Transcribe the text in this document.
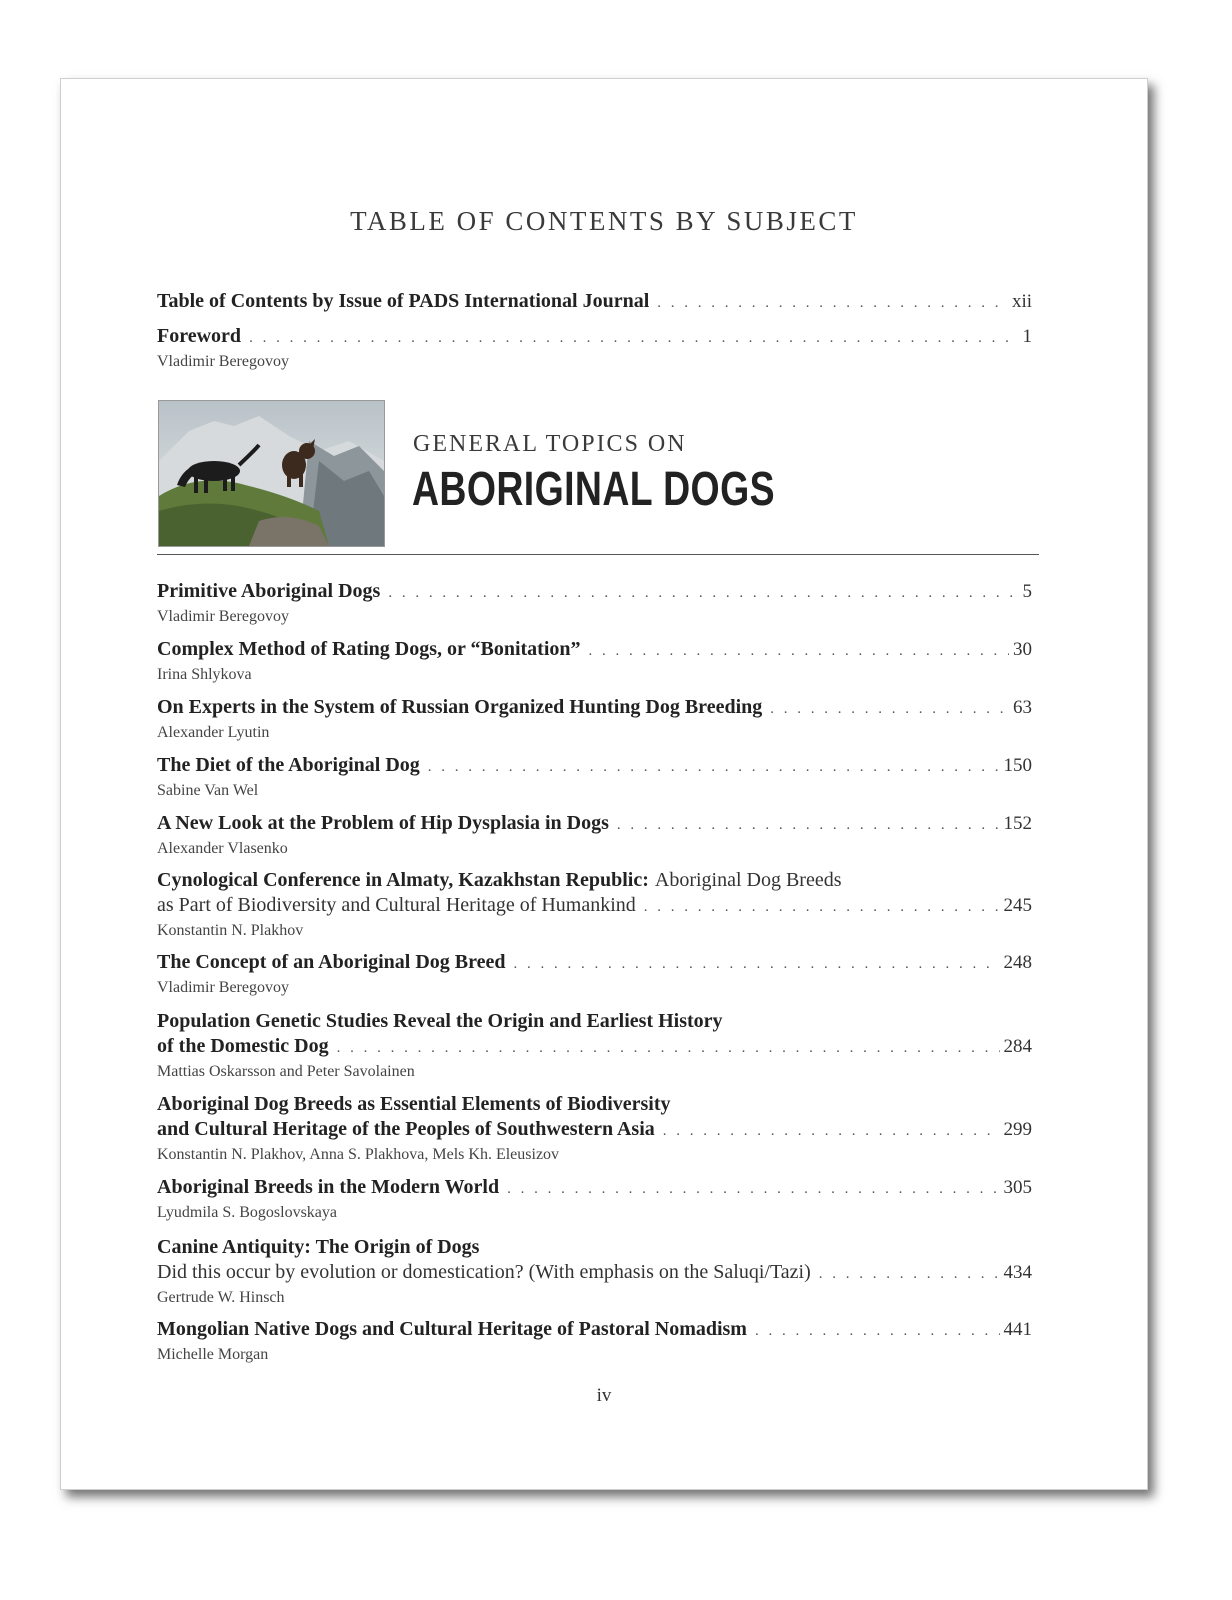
TABLE OF CONTENTS BY SUBJECT
Table of Contents by Issue of PADS International Journal . . .	xii
Foreword . . .	1
Vladimir Beregovoy
GENERAL TOPICS ON
ABORIGINAL DOGS
Primitive Aboriginal Dogs . . .	5
Vladimir Beregovoy
Complex Method of Rating Dogs, or “Bonitation” . . .	30
Irina Shlykova
On Experts in the System of Russian Organized Hunting Dog Breeding . . .	63
Alexander Lyutin
The Diet of the Aboriginal Dog . . .	150
Sabine Van Wel
A New Look at the Problem of Hip Dysplasia in Dogs . . .	152
Alexander Vlasenko
Cynological Conference in Almaty, Kazakhstan Republic: Aboriginal Dog Breeds
as Part of Biodiversity and Cultural Heritage of Humankind . . .	245
Konstantin N. Plakhov
The Concept of an Aboriginal Dog Breed . . .	248
Vladimir Beregovoy
Population Genetic Studies Reveal the Origin and Earliest History
of the Domestic Dog . . .	284
Mattias Oskarsson and Peter Savolainen
Aboriginal Dog Breeds as Essential Elements of Biodiversity
and Cultural Heritage of the Peoples of Southwestern Asia . . .	299
Konstantin N. Plakhov, Anna S. Plakhova, Mels Kh. Eleusizov
Aboriginal Breeds in the Modern World . . .	305
Lyudmila S. Bogoslovskaya
Canine Antiquity: The Origin of Dogs
Did this occur by evolution or domestication? (With emphasis on the Saluqi/Tazi) . . .	434
Gertrude W. Hinsch
Mongolian Native Dogs and Cultural Heritage of Pastoral Nomadism . . .	441
Michelle Morgan
iv
